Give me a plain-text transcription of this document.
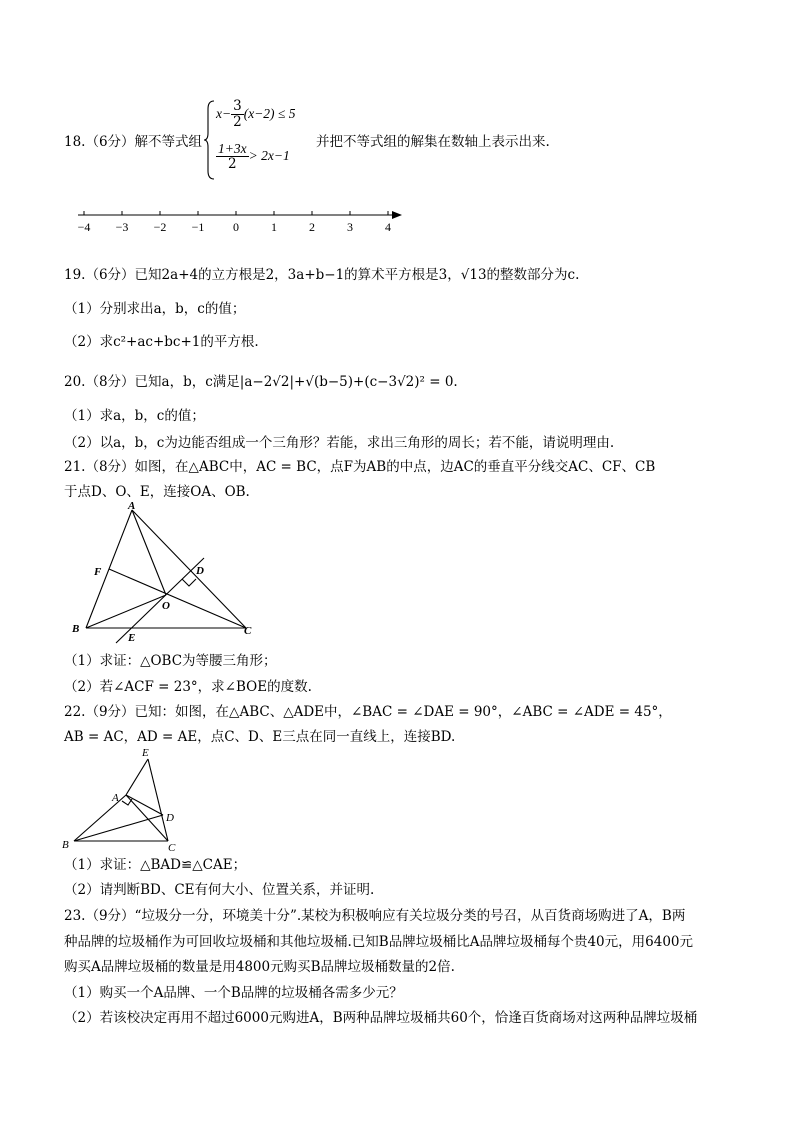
18.（6分）解不等式组
$x- \frac{3}{2} (x-2) \le 5$
$\frac{1+3x}{2} > 2x-1$
并把不等式组的解集在数轴上表示出来.
−4 −3 −2 −1 0	1	2	3	4
19.（6分）已知2a+4的立方根是2，3a+b−1的算术平方根是3，√13的整数部分为c.
（1）分别求出a，b，c的值；
（2）求c²+ac+bc+1的平方根.
20.（8分）已知a，b，c满足|a−2√2|+√(b−5)+(c−3√2)² = 0.
（1）求a，b，c的值；
（2）以a，b，c为边能否组成一个三角形？若能，求出三角形的周长；若不能，请说明理由.
21.（8分）如图，在△ABC中，AC = BC，点F为AB的中点，边AC的垂直平分线交AC、CF、CB
于点D、O、E，连接OA、OB.
A
F	D
O
B
E
C
（1）求证：△OBC为等腰三角形；
（2）若∠ACF = 23°，求∠BOE的度数.
22.（9分）已知：如图，在△ABC、△ADE中，∠BAC = ∠DAE = 90°，∠ABC = ∠ADE = 45°，
AB = AC，AD = AE，点C、D、E三点在同一直线上，连接BD.
E
A
D
B	C
（1）求证：△BAD≌△CAE；
（2）请判断BD、CE有何大小、位置关系，并证明.
23.（9分）“垃圾分一分，环境美十分”.某校为积极响应有关垃圾分类的号召，从百货商场购进了A，B两
种品牌的垃圾桶作为可回收垃圾桶和其他垃圾桶.已知B品牌垃圾桶比A品牌垃圾桶每个贵40元，用6400元
购买A品牌垃圾桶的数量是用4800元购买B品牌垃圾桶数量的2倍.
（1）购买一个A品牌、一个B品牌的垃圾桶各需多少元？
（2）若该校决定再用不超过6000元购进A，B两种品牌垃圾桶共60个，恰逢百货商场对这两种品牌垃圾桶
